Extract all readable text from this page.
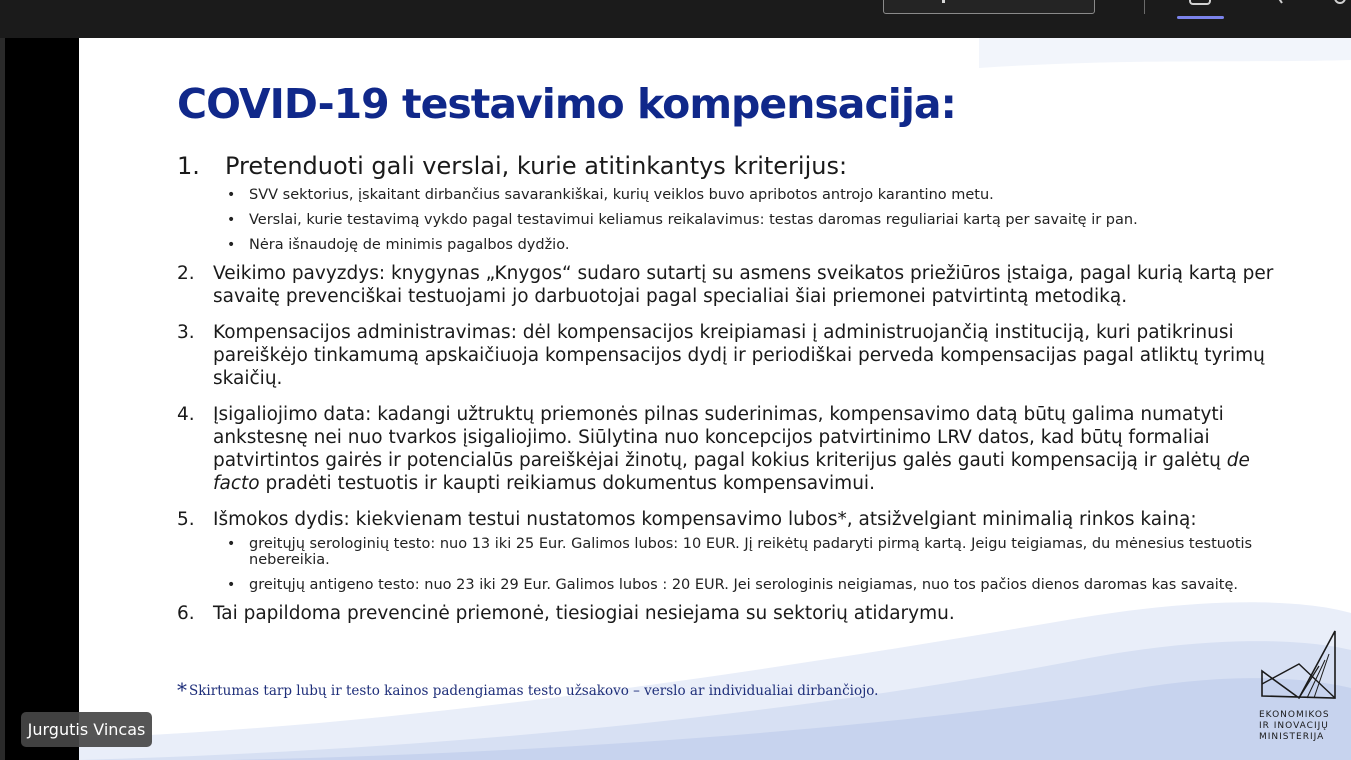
COVID-19 testavimo kompensacija:
1. Pretenduoti gali verslai, kurie atitinkantys kriterijus:
• SVV sektorius, įskaitant dirbančius savarankiškai, kurių veiklos buvo apribotos antrojo karantino metu.
• Verslai, kurie testavimą vykdo pagal testavimui keliamus reikalavimus: testas daromas reguliariai kartą per savaitę ir pan.
• Nėra išnaudoję de minimis pagalbos dydžio.
2. Veikimo pavyzdys: knygynas „Knygos“ sudaro sutartį su asmens sveikatos priežiūros įstaiga, pagal kurią kartą per savaitę prevenciškai testuojami jo darbuotojai pagal specialiai šiai priemonei patvirtintą metodiką.
3. Kompensacijos administravimas: dėl kompensacijos kreipiamasi į administruojančią instituciją, kuri patikrinusi pareiškėjo tinkamumą apskaičiuoja kompensacijos dydį ir periodiškai perveda kompensacijas pagal atliktų tyrimų skaičių.
4. Įsigaliojimo data: kadangi užtruktų priemonės pilnas suderinimas, kompensavimo datą būtų galima numatyti ankstesnę nei nuo tvarkos įsigaliojimo. Siūlytina nuo koncepcijos patvirtinimo LRV datos, kad būtų formaliai patvirtintos gairės ir potencialūs pareiškėjai žinotų, pagal kokius kriterijus galės gauti kompensaciją ir galėtų de facto pradėti testuotis ir kaupti reikiamus dokumentus kompensavimui.
5. Išmokos dydis: kiekvienam testui nustatomos kompensavimo lubos*, atsižvelgiant minimalią rinkos kainą:
• greitųjų serologinių testo: nuo 13 iki 25 Eur. Galimos lubos: 10 EUR. Jį reikėtų padaryti pirmą kartą. Jeigu teigiamas, du mėnesius testuotis nebereikia.
• greitųjų antigeno testo: nuo 23 iki 29 Eur. Galimos lubos : 20 EUR. Jei serologinis neigiamas, nuo tos pačios dienos daromas kas savaitę.
6. Tai papildoma prevencinė priemonė, tiesiogiai nesiejama su sektorių atidarymu.
* Skirtumas tarp lubų ir testo kainos padengiamas testo užsakovo – verslo ar individualiai dirbančiojo.
EKONOMIKOS
IR INOVACIJŲ
MINISTERIJA
Jurgutis Vincas
